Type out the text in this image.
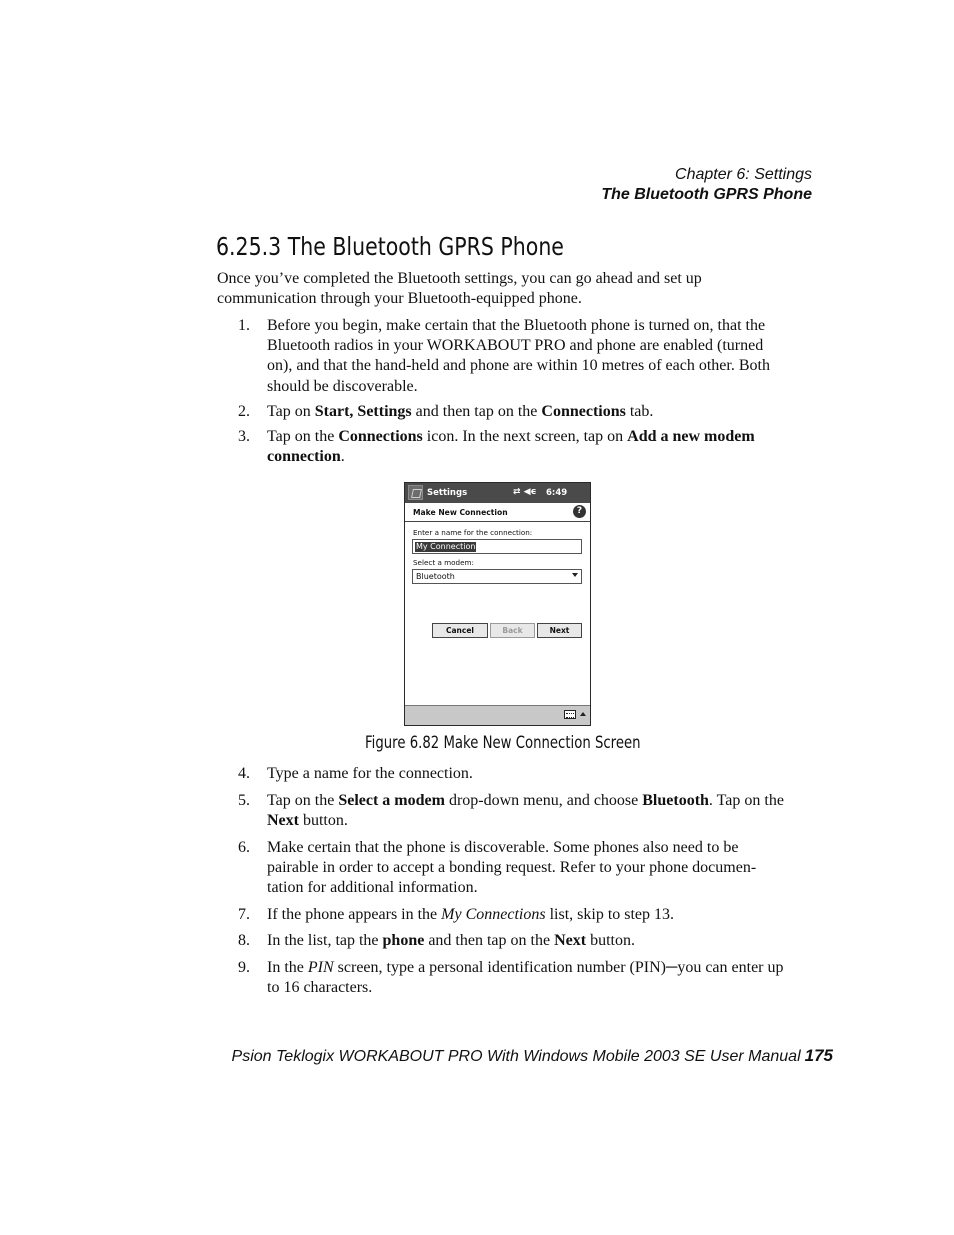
Chapter 6: Settings
The Bluetooth GPRS Phone
6.25.3 The Bluetooth GPRS Phone
Once you’ve completed the Bluetooth settings, you can go ahead and set up communication through your Bluetooth-equipped phone.
1.	Before you begin, make certain that the Bluetooth phone is turned on, that the Bluetooth radios in your WORKABOUT PRO and phone are enabled (turned on), and that the hand-held and phone are within 10 metres of each other. Both should be discoverable.
2.	Tap on Start, Settings and then tap on the Connections tab.
3.	Tap on the Connections icon. In the next screen, tap on Add a new modem connection.
Settings	⇄ ◀ϵ 6:49
Make New Connection	?
Enter a name for the connection:
My Connection
Select a modem:
Bluetooth
Cancel	Back	Next
Figure 6.82 Make New Connection Screen
4.	Type a name for the connection.
5.	Tap on the Select a modem drop-down menu, and choose Bluetooth. Tap on the Next button.
6.	Make certain that the phone is discoverable. Some phones also need to be pairable in order to accept a bonding request. Refer to your phone documen-tation for additional information.
7.	If the phone appears in the My Connections list, skip to step 13.
8.	In the list, tap the phone and then tap on the Next button.
9.	In the PIN screen, type a personal identification number (PIN)─you can enter up to 16 characters.
Psion Teklogix WORKABOUT PRO With Windows Mobile 2003 SE User Manual 175
